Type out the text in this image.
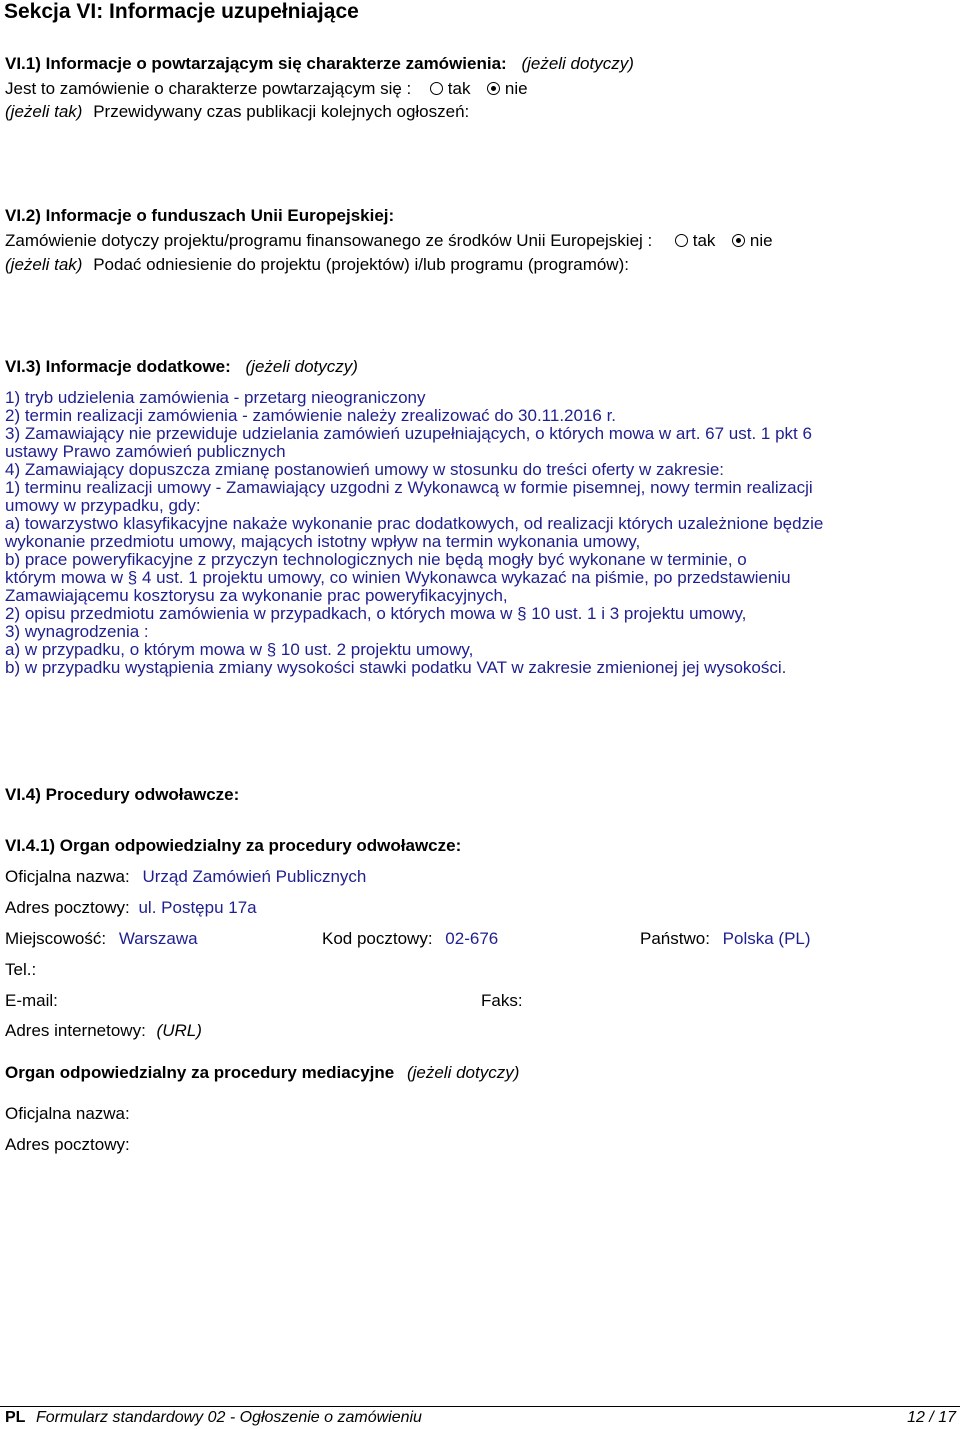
Sekcja VI: Informacje uzupełniające
VI.1) Informacje o powtarzającym się charakterze zamówienia: (jeżeli dotyczy)
Jest to zamówienie o charakterze powtarzającym się : tak nie
(jeżeli tak) Przewidywany czas publikacji kolejnych ogłoszeń:
VI.2) Informacje o funduszach Unii Europejskiej:
Zamówienie dotyczy projektu/programu finansowanego ze środków Unii Europejskiej : tak nie
(jeżeli tak) Podać odniesienie do projektu (projektów) i/lub programu (programów):
VI.3) Informacje dodatkowe: (jeżeli dotyczy)
1) tryb udzielenia zamówienia - przetarg nieograniczony
2) termin realizacji zamówienia - zamówienie należy zrealizować do 30.11.2016 r.
3) Zamawiający nie przewiduje udzielania zamówień uzupełniających, o których mowa w art. 67 ust. 1 pkt 6
ustawy Prawo zamówień publicznych
4) Zamawiający dopuszcza zmianę postanowień umowy w stosunku do treści oferty w zakresie:
1) terminu realizacji umowy - Zamawiający uzgodni z Wykonawcą w formie pisemnej, nowy termin realizacji
umowy w przypadku, gdy:
a) towarzystwo klasyfikacyjne nakaże wykonanie prac dodatkowych, od realizacji których uzależnione będzie
wykonanie przedmiotu umowy, mających istotny wpływ na termin wykonania umowy,
b) prace poweryfikacyjne z przyczyn technologicznych nie będą mogły być wykonane w terminie, o
którym mowa w § 4 ust. 1 projektu umowy, co winien Wykonawca wykazać na piśmie, po przedstawieniu
Zamawiającemu kosztorysu za wykonanie prac poweryfikacyjnych,
2) opisu przedmiotu zamówienia w przypadkach, o których mowa w § 10 ust. 1 i 3 projektu umowy,
3) wynagrodzenia :
a) w przypadku, o którym mowa w § 10 ust. 2 projektu umowy,
b) w przypadku wystąpienia zmiany wysokości stawki podatku VAT w zakresie zmienionej jej wysokości.
VI.4) Procedury odwoławcze:
VI.4.1) Organ odpowiedzialny za procedury odwoławcze:
Oficjalna nazwa: Urząd Zamówień Publicznych
Adres pocztowy: ul. Postępu 17a
Miejscowość: Warszawa	Kod pocztowy: 02-676	Państwo: Polska (PL)
Tel.:
E-mail:	Faks:
Adres internetowy: (URL)
Organ odpowiedzialny za procedury mediacyjne (jeżeli dotyczy)
Oficjalna nazwa:
Adres pocztowy:
PL Formularz standardowy 02 - Ogłoszenie o zamówieniu	12 / 17
